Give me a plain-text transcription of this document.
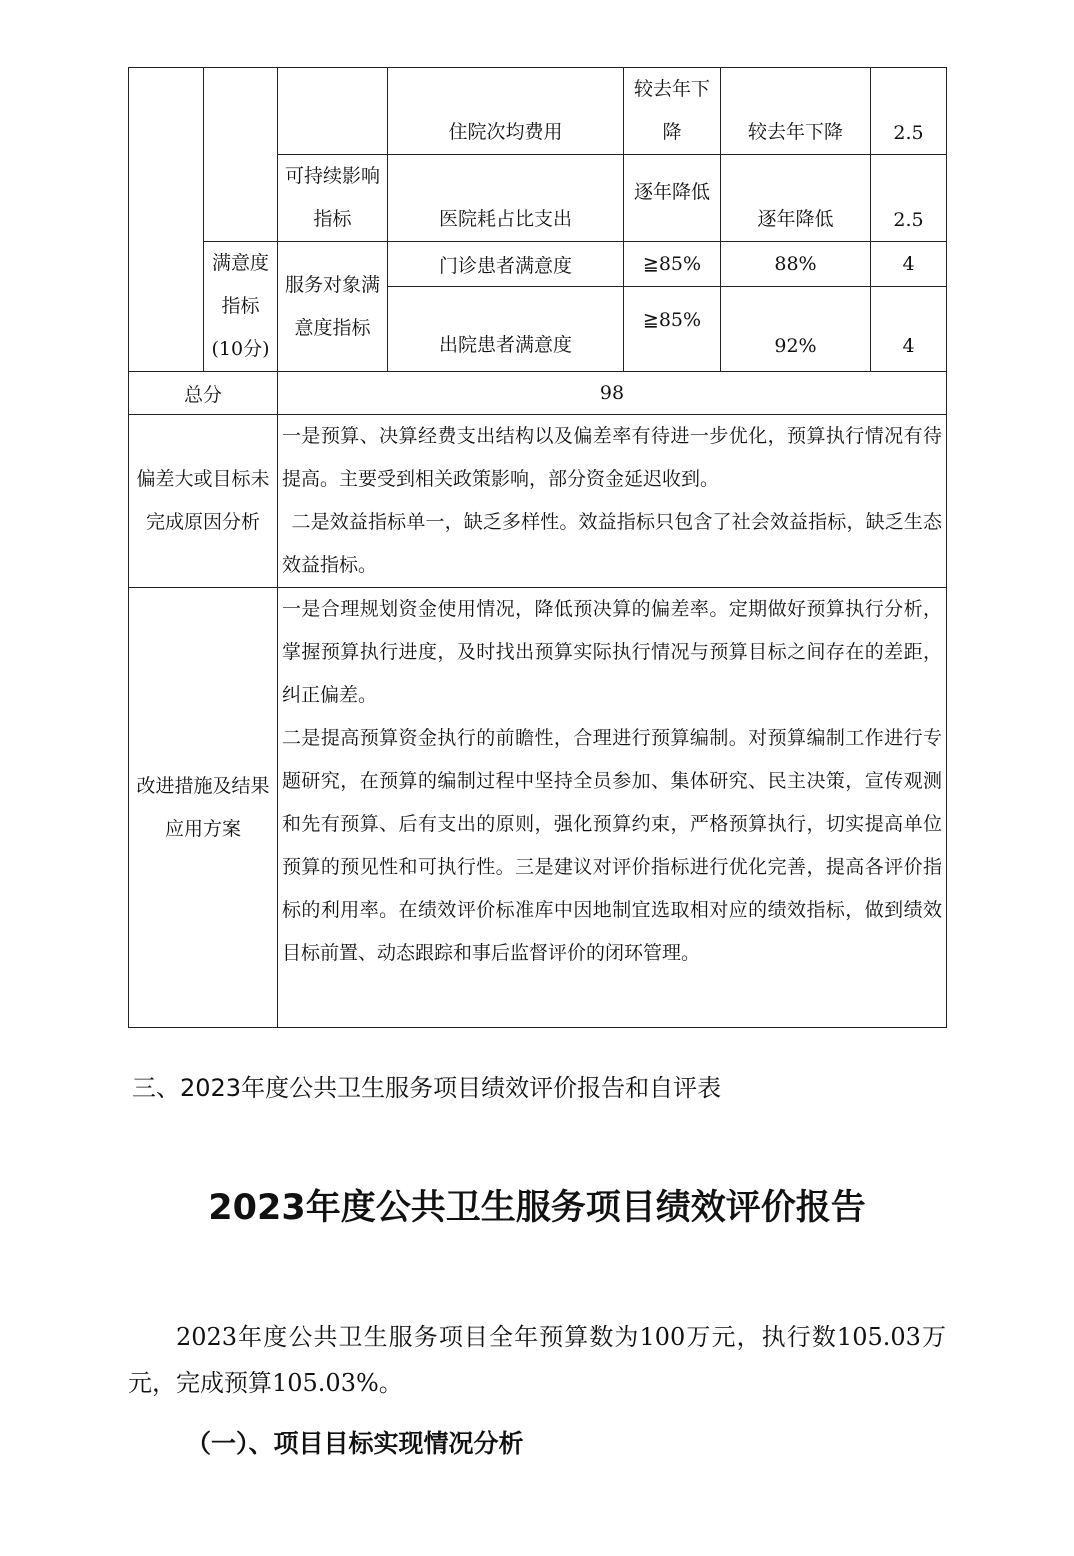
			住院次均费用	较去年下降	较去年下降	2.5
		可持续影响指标	医院耗占比支出	逐年降低	逐年降低	2.5
	满意度指标(10分)	服务对象满意度指标	门诊患者满意度	≧85%	88%	4
			出院患者满意度	≧85%	92%	4
总分		98				
偏差大或目标未完成原因分析		一是预算、决算经费支出结构以及偏差率有待进一步优化，预算执行情况有待提高。主要受到相关政策影响，部分资金延迟收到。

二是效益指标单一，缺乏多样性。效益指标只包含了社会效益指标，缺乏生态效益指标。				

改进措施及结果应用方案		一是合理规划资金使用情况，降低预决算的偏差率。定期做好预算执行分析，掌握预算执行进度，及时找出预算实际执行情况与预算目标之间存在的差距，纠正偏差。

二是提高预算资金执行的前瞻性，合理进行预算编制。对预算编制工作进行专题研究，在预算的编制过程中坚持全员参加、集体研究、民主决策，宣传观测和先有预算、后有支出的原则，强化预算约束，严格预算执行，切实提高单位预算的预见性和可执行性。三是建议对评价指标进行优化完善，提高各评价指标的利用率。在绩效评价标准库中因地制宜选取相对应的绩效指标，做到绩效目标前置、动态跟踪和事后监督评价的闭环管理。				

三、2023年度公共卫生服务项目绩效评价报告和自评表

2023年度公共卫生服务项目绩效评价报告

2023年度公共卫生服务项目全年预算数为100万元，执行数105.03万元，完成预算105.03%。

（一）、项目目标实现情况分析
